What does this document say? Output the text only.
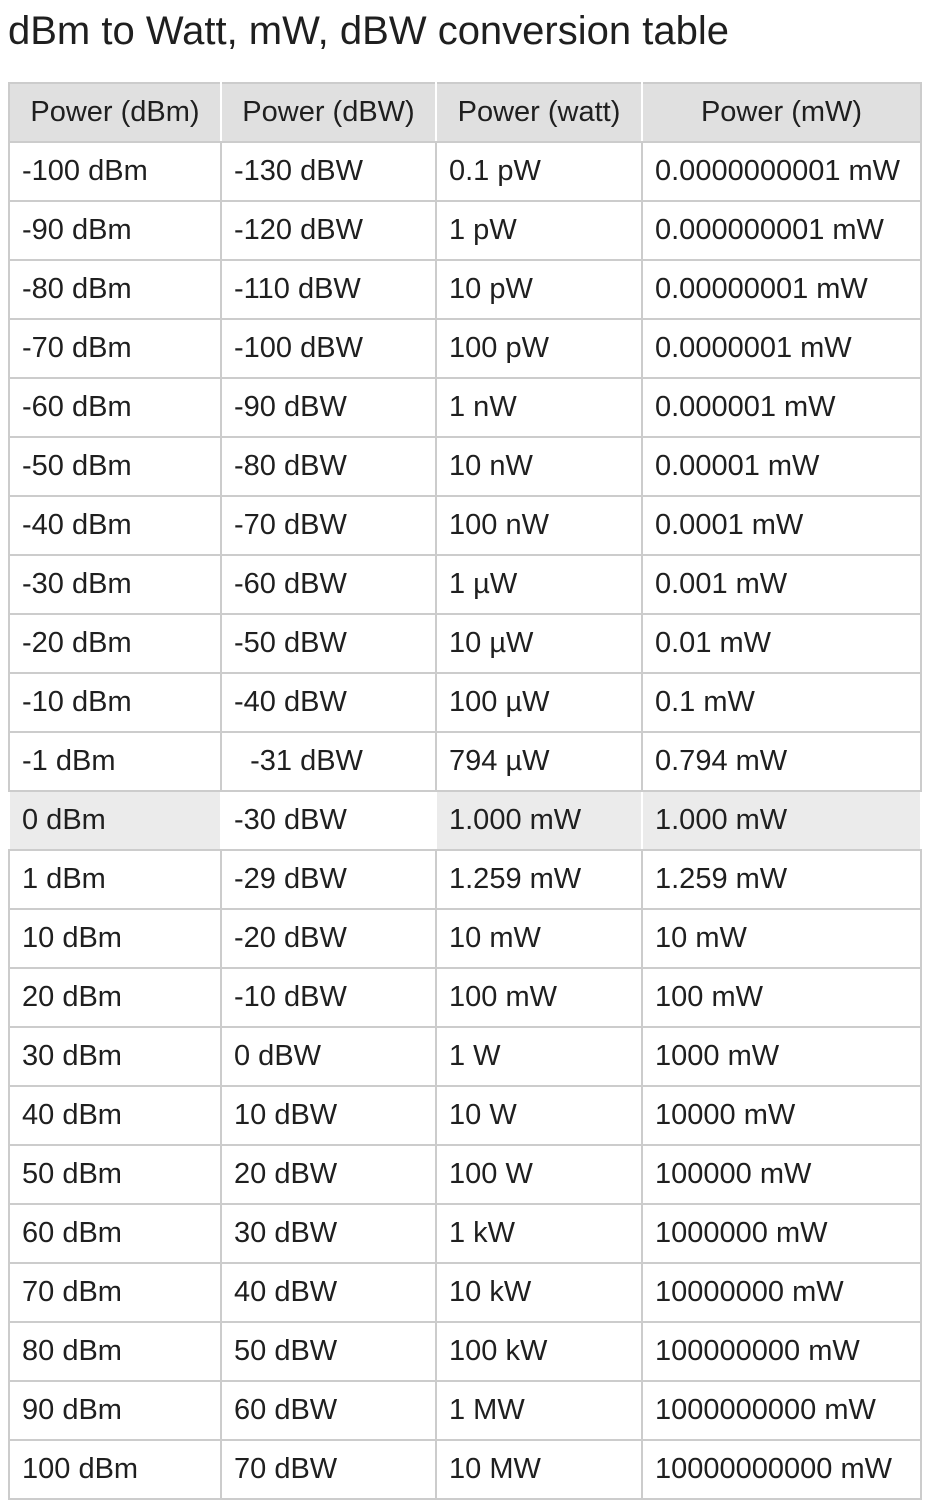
dBm to Watt, mW, dBW conversion table
Power (dBm)	Power (dBW)	Power (watt)	Power (mW)
-100 dBm	-130 dBW	0.1 pW	0.0000000001 mW
-90 dBm	-120 dBW	1 pW	0.000000001 mW
-80 dBm	-110 dBW	10 pW	0.00000001 mW
-70 dBm	-100 dBW	100 pW	0.0000001 mW
-60 dBm	-90 dBW	1 nW	0.000001 mW
-50 dBm	-80 dBW	10 nW	0.00001 mW
-40 dBm	-70 dBW	100 nW	0.0001 mW
-30 dBm	-60 dBW	1 µW	0.001 mW
-20 dBm	-50 dBW	10 µW	0.01 mW
-10 dBm	-40 dBW	100 µW	0.1 mW
-1 dBm	-31 dBW	794 µW	0.794 mW
0 dBm	-30 dBW	1.000 mW	1.000 mW
1 dBm	-29 dBW	1.259 mW	1.259 mW
10 dBm	-20 dBW	10 mW	10 mW
20 dBm	-10 dBW	100 mW	100 mW
30 dBm	0 dBW	1 W	1000 mW
40 dBm	10 dBW	10 W	10000 mW
50 dBm	20 dBW	100 W	100000 mW
60 dBm	30 dBW	1 kW	1000000 mW
70 dBm	40 dBW	10 kW	10000000 mW
80 dBm	50 dBW	100 kW	100000000 mW
90 dBm	60 dBW	1 MW	1000000000 mW
100 dBm	70 dBW	10 MW	10000000000 mW
